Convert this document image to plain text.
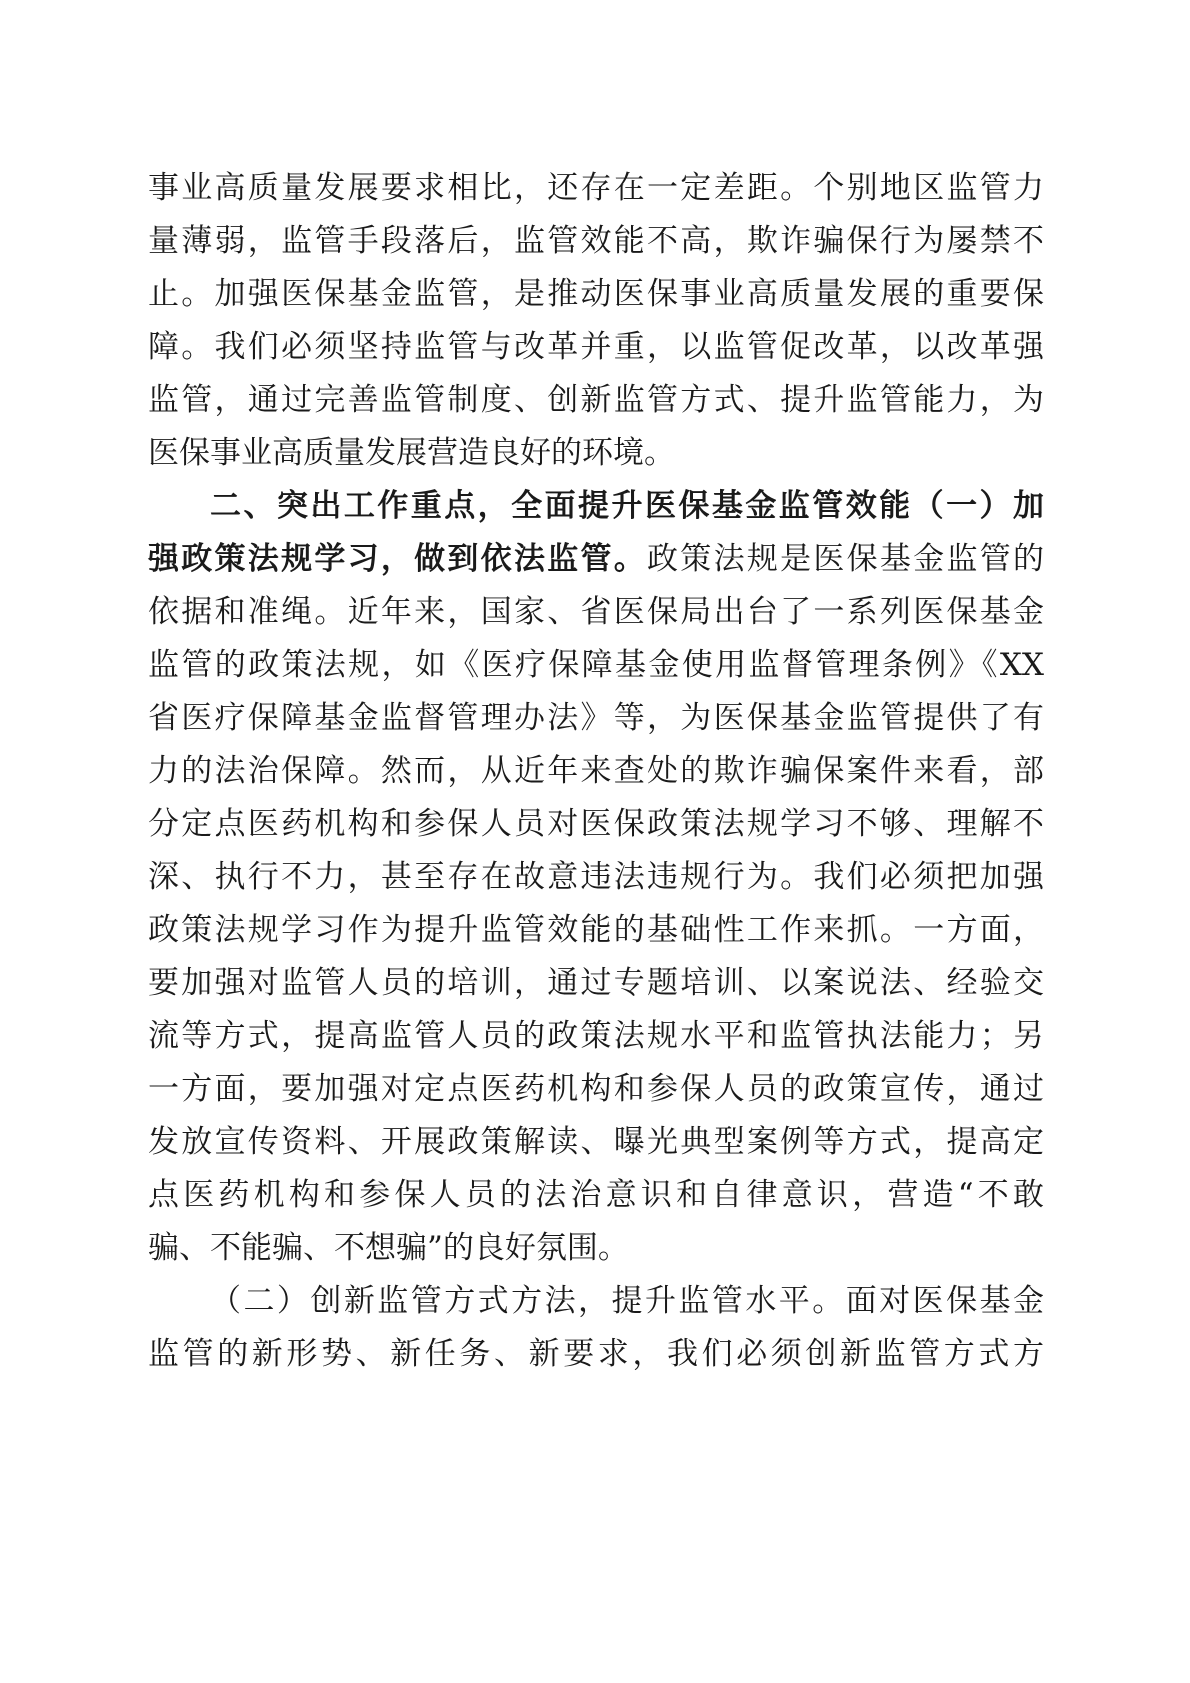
事业高质量发展要求相比，还存在一定差距。个别地区监管力
量薄弱，监管手段落后，监管效能不高，欺诈骗保行为屡禁不
止。加强医保基金监管，是推动医保事业高质量发展的重要保
障。我们必须坚持监管与改革并重，以监管促改革，以改革强
监管，通过完善监管制度、创新监管方式、提升监管能力，为
医保事业高质量发展营造良好的环境。
二、突出工作重点，全面提升医保基金监管效能（一）加
强政策法规学习，做到依法监管。政策法规是医保基金监管的
依据和准绳。近年来，国家、省医保局出台了一系列医保基金
监管的政策法规，如《医疗保障基金使用监督管理条例》《XX
省医疗保障基金监督管理办法》等，为医保基金监管提供了有
力的法治保障。然而，从近年来查处的欺诈骗保案件来看，部
分定点医药机构和参保人员对医保政策法规学习不够、理解不
深、执行不力，甚至存在故意违法违规行为。我们必须把加强
政策法规学习作为提升监管效能的基础性工作来抓。一方面，
要加强对监管人员的培训，通过专题培训、以案说法、经验交
流等方式，提高监管人员的政策法规水平和监管执法能力；另
一方面，要加强对定点医药机构和参保人员的政策宣传，通过
发放宣传资料、开展政策解读、曝光典型案例等方式，提高定
点医药机构和参保人员的法治意识和自律意识，营造“不敢
骗、不能骗、不想骗”的良好氛围。
（二）创新监管方式方法，提升监管水平。面对医保基金
监管的新形势、新任务、新要求，我们必须创新监管方式方
